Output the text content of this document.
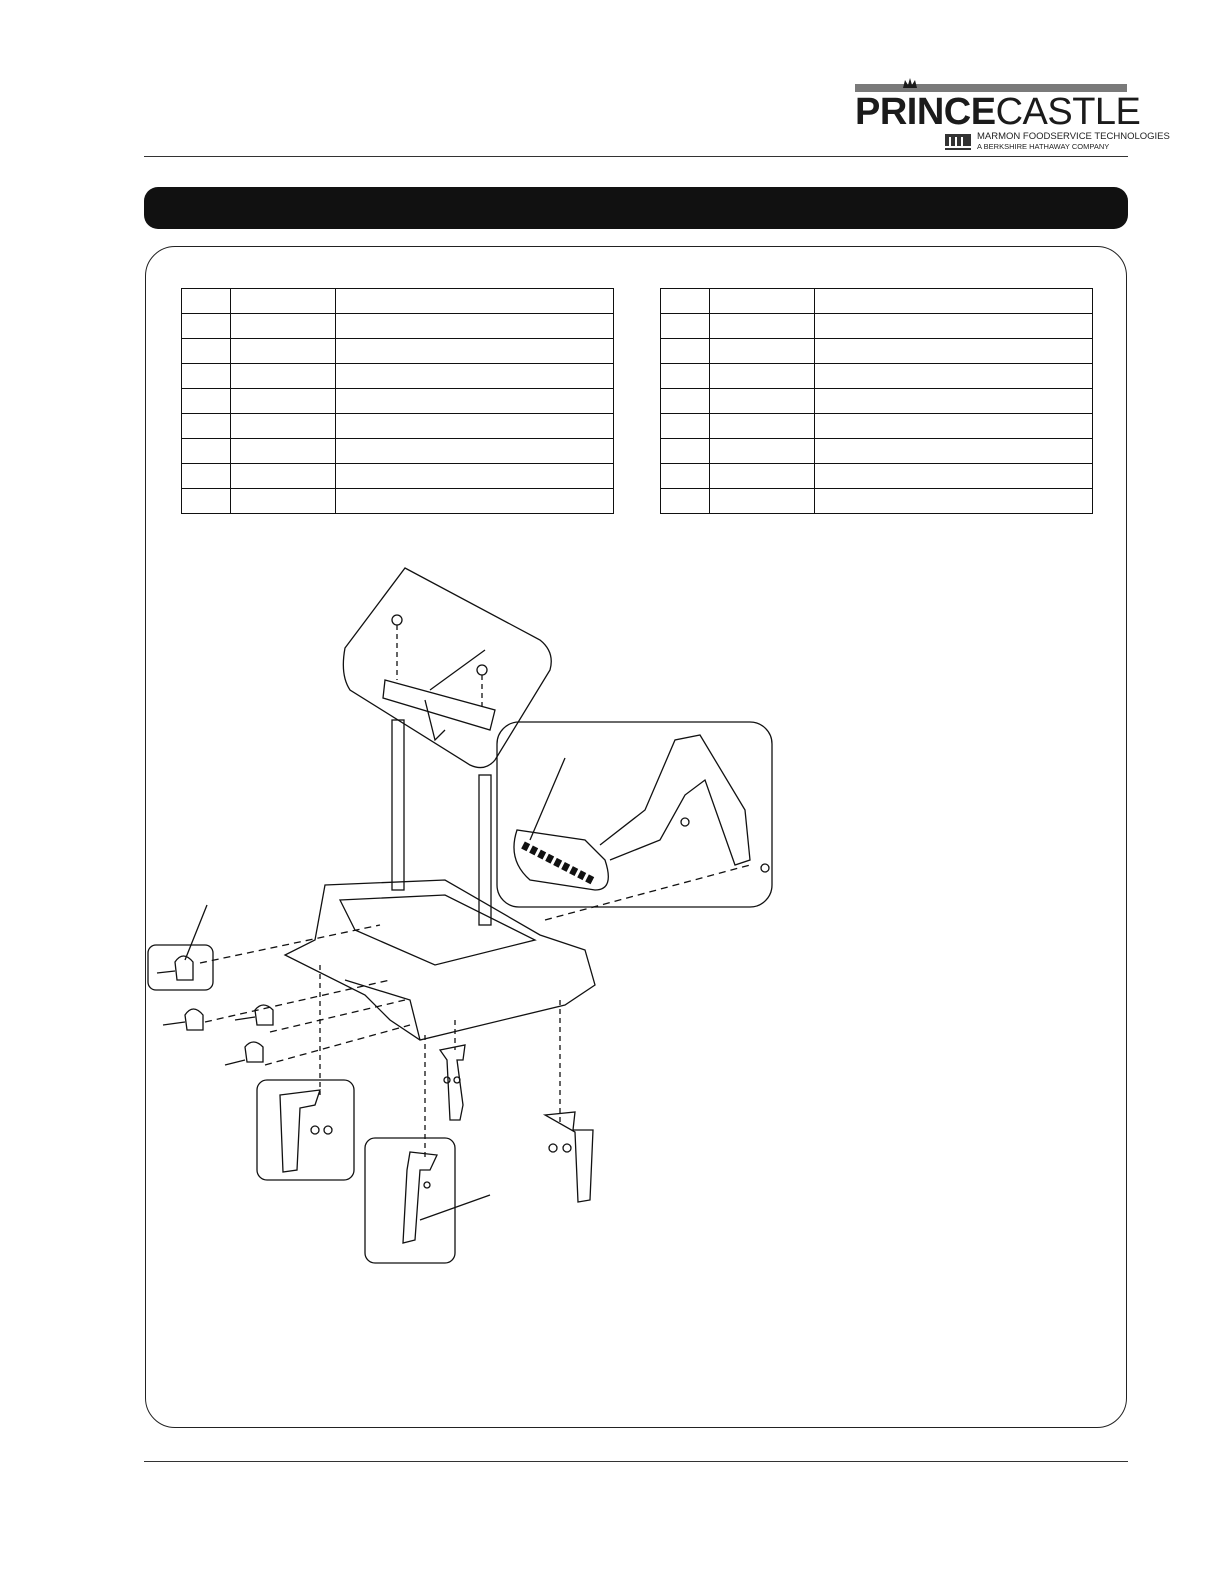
PRINCECASTLE
MARMON FOODSERVICE TECHNOLOGIES
A BERKSHIRE HATHAWAY COMPANY
